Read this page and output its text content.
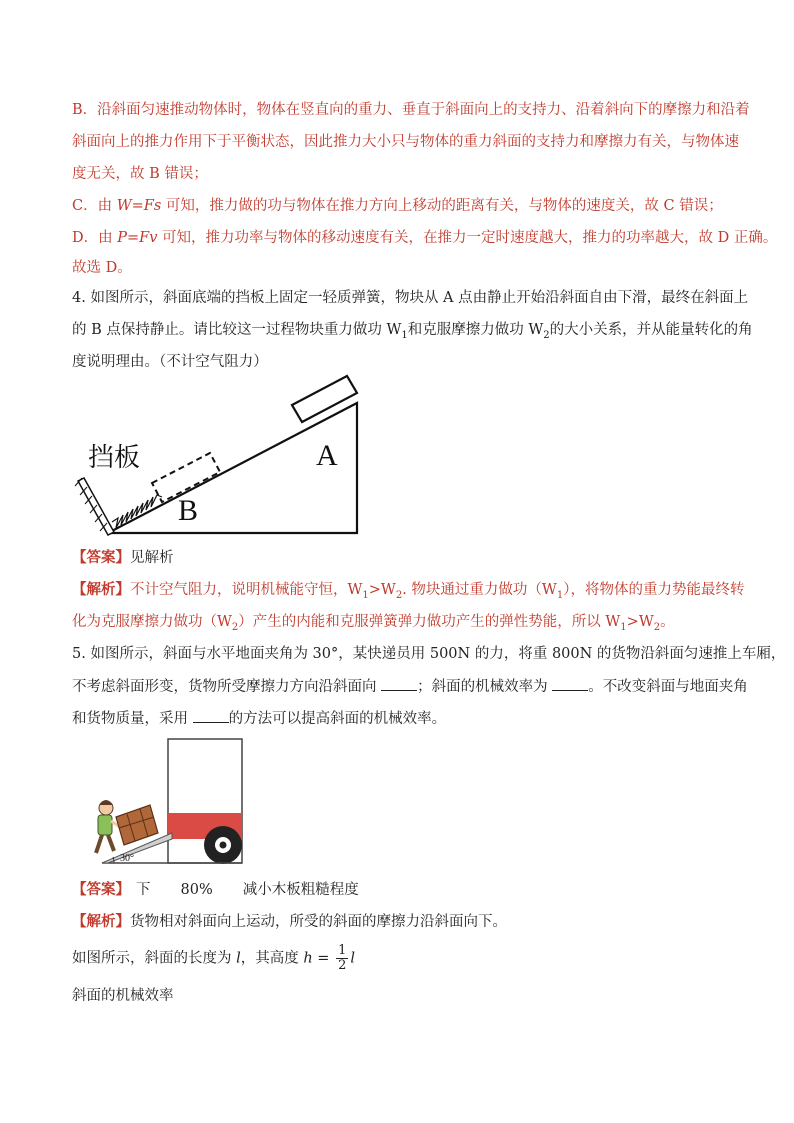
B．沿斜面匀速推动物体时，物体在竖直向的重力、垂直于斜面向上的支持力、沿着斜向下的摩擦力和沿着
斜面向上的推力作用下于平衡状态，因此推力大小只与物体的重力斜面的支持力和摩擦力有关，与物体速
度无关，故 B 错误；
C．由 W=Fs 可知，推力做的功与物体在推力方向上移动的距离有关，与物体的速度关，故 C 错误；
D．由 P=Fv 可知，推力功率与物体的移动速度有关，在推力一定时速度越大，推力的功率越大，故 D 正确。
故选 D。
4. 如图所示，斜面底端的挡板上固定一轻质弹簧，物块从 A 点由静止开始沿斜面自由下滑，最终在斜面上
的 B 点保持静止。请比较这一过程物块重力做功 $W_1$和克服摩擦力做功 $W_2$的大小关系，并从能量转化的角
度说明理由。（不计空气阻力）
挡板	A
B
【答案】见解析
【解析】不计空气阻力，说明机械能守恒，$W_1>W_2$. 物块通过重力做功$(W_1)$，将物体的重力势能最终转
化为克服摩擦力做功$(W_2)$产生的内能和克服弹簧弹力做功产生的弹性势能，所以 $W_1>W_2$。
5. 如图所示，斜面与水平地面夹角为 30°，某快递员用 500N 的力，将重 800N 的货物沿斜面匀速推上车厢，
不考虑斜面形变，货物所受摩擦力方向沿斜面向 ；斜面的机械效率为 。不改变斜面与地面夹角
和货物质量，采用 的方法可以提高斜面的机械效率。
30°
【答案】 下 80% 减小木板粗糙程度
【解析】货物相对斜面向上运动，所受的斜面的摩擦力沿斜面向下。
如图所示，斜面的长度为 l，其高度 $h = \frac{1}{2}$ l
斜面的机械效率
